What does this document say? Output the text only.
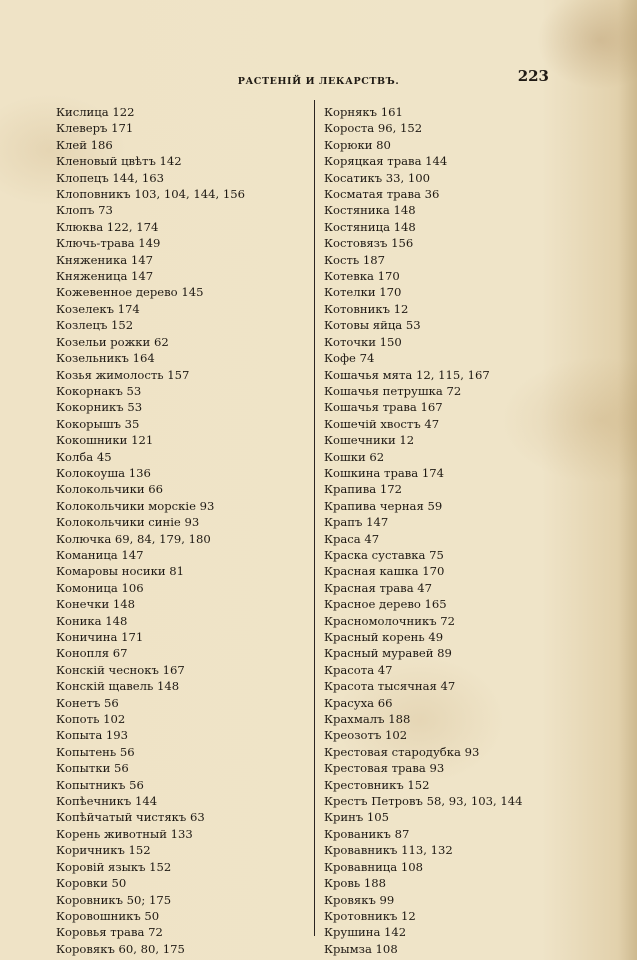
РАСТЕНІЙ И ЛЕКАРСТВЪ.	223
Кислица 122
Клеверъ 171
Клей 186
Кленовый цвѣтъ 142
Клопецъ 144, 163
Клоповникъ 103, 104, 144, 156
Клопъ 73
Клюква 122, 174
Ключь-трава 149
Княженика 147
Княженица 147
Кожевенное дерево 145
Козелекъ 174
Козлецъ 152
Козельи рожки 62
Козельникъ 164
Козья жимолость 157
Кокорнакъ 53
Кокорникъ 53
Кокорышъ 35
Кокошники 121
Колба 45
Колокоуша 136
Колокольчики 66
Колокольчики морскіе 93
Колокольчики синіе 93
Колючка 69, 84, 179, 180
Команица 147
Комаровы носики 81
Комоница 106
Конечки 148
Коника 148
Коничина 171
Конопля 67
Конскій чеснокъ 167
Конскій щавель 148
Конетъ 56
Копоть 102
Копыта 193
Копытень 56
Копытки 56
Копытникъ 56
Копѣечникъ 144
Копѣйчатый чистякъ 63
Корень животный 133
Коричникъ 152
Коровій языкъ 152
Коровки 50
Коровникъ 50; 175
Коровошникъ 50
Коровья трава 72
Коровякъ 60, 80, 175
Корнякъ 161
Короста 96, 152
Корюки 80
Коряцкая трава 144
Косатикъ 33, 100
Косматая трава 36
Костяника 148
Костяница 148
Костовязъ 156
Кость 187
Котевка 170
Котелки 170
Котовникъ 12
Котовы яйца 53
Коточки 150
Кофе 74
Кошачья мята 12, 115, 167
Кошачья петрушка 72
Кошачья трава 167
Кошечій хвостъ 47
Кошечники 12
Кошки 62
Кошкина трава 174
Крапива 172
Крапива черная 59
Крапъ 147
Краса 47
Краска суставка 75
Красная кашка 170
Красная трава 47
Красное дерево 165
Красномолочникъ 72
Красный корень 49
Красный муравей 89
Красота 47
Красота тысячная 47
Красуха 66
Крахмалъ 188
Креозотъ 102
Крестовая стародубка 93
Крестовая трава 93
Крестовникъ 152
Крестъ Петровъ 58, 93, 103, 144
Кринъ 105
Крованикъ 87
Кровавникъ 113, 132
Кровавница 108
Кровь 188
Кровякъ 99
Кротовникъ 12
Крушина 142
Крымза 108
